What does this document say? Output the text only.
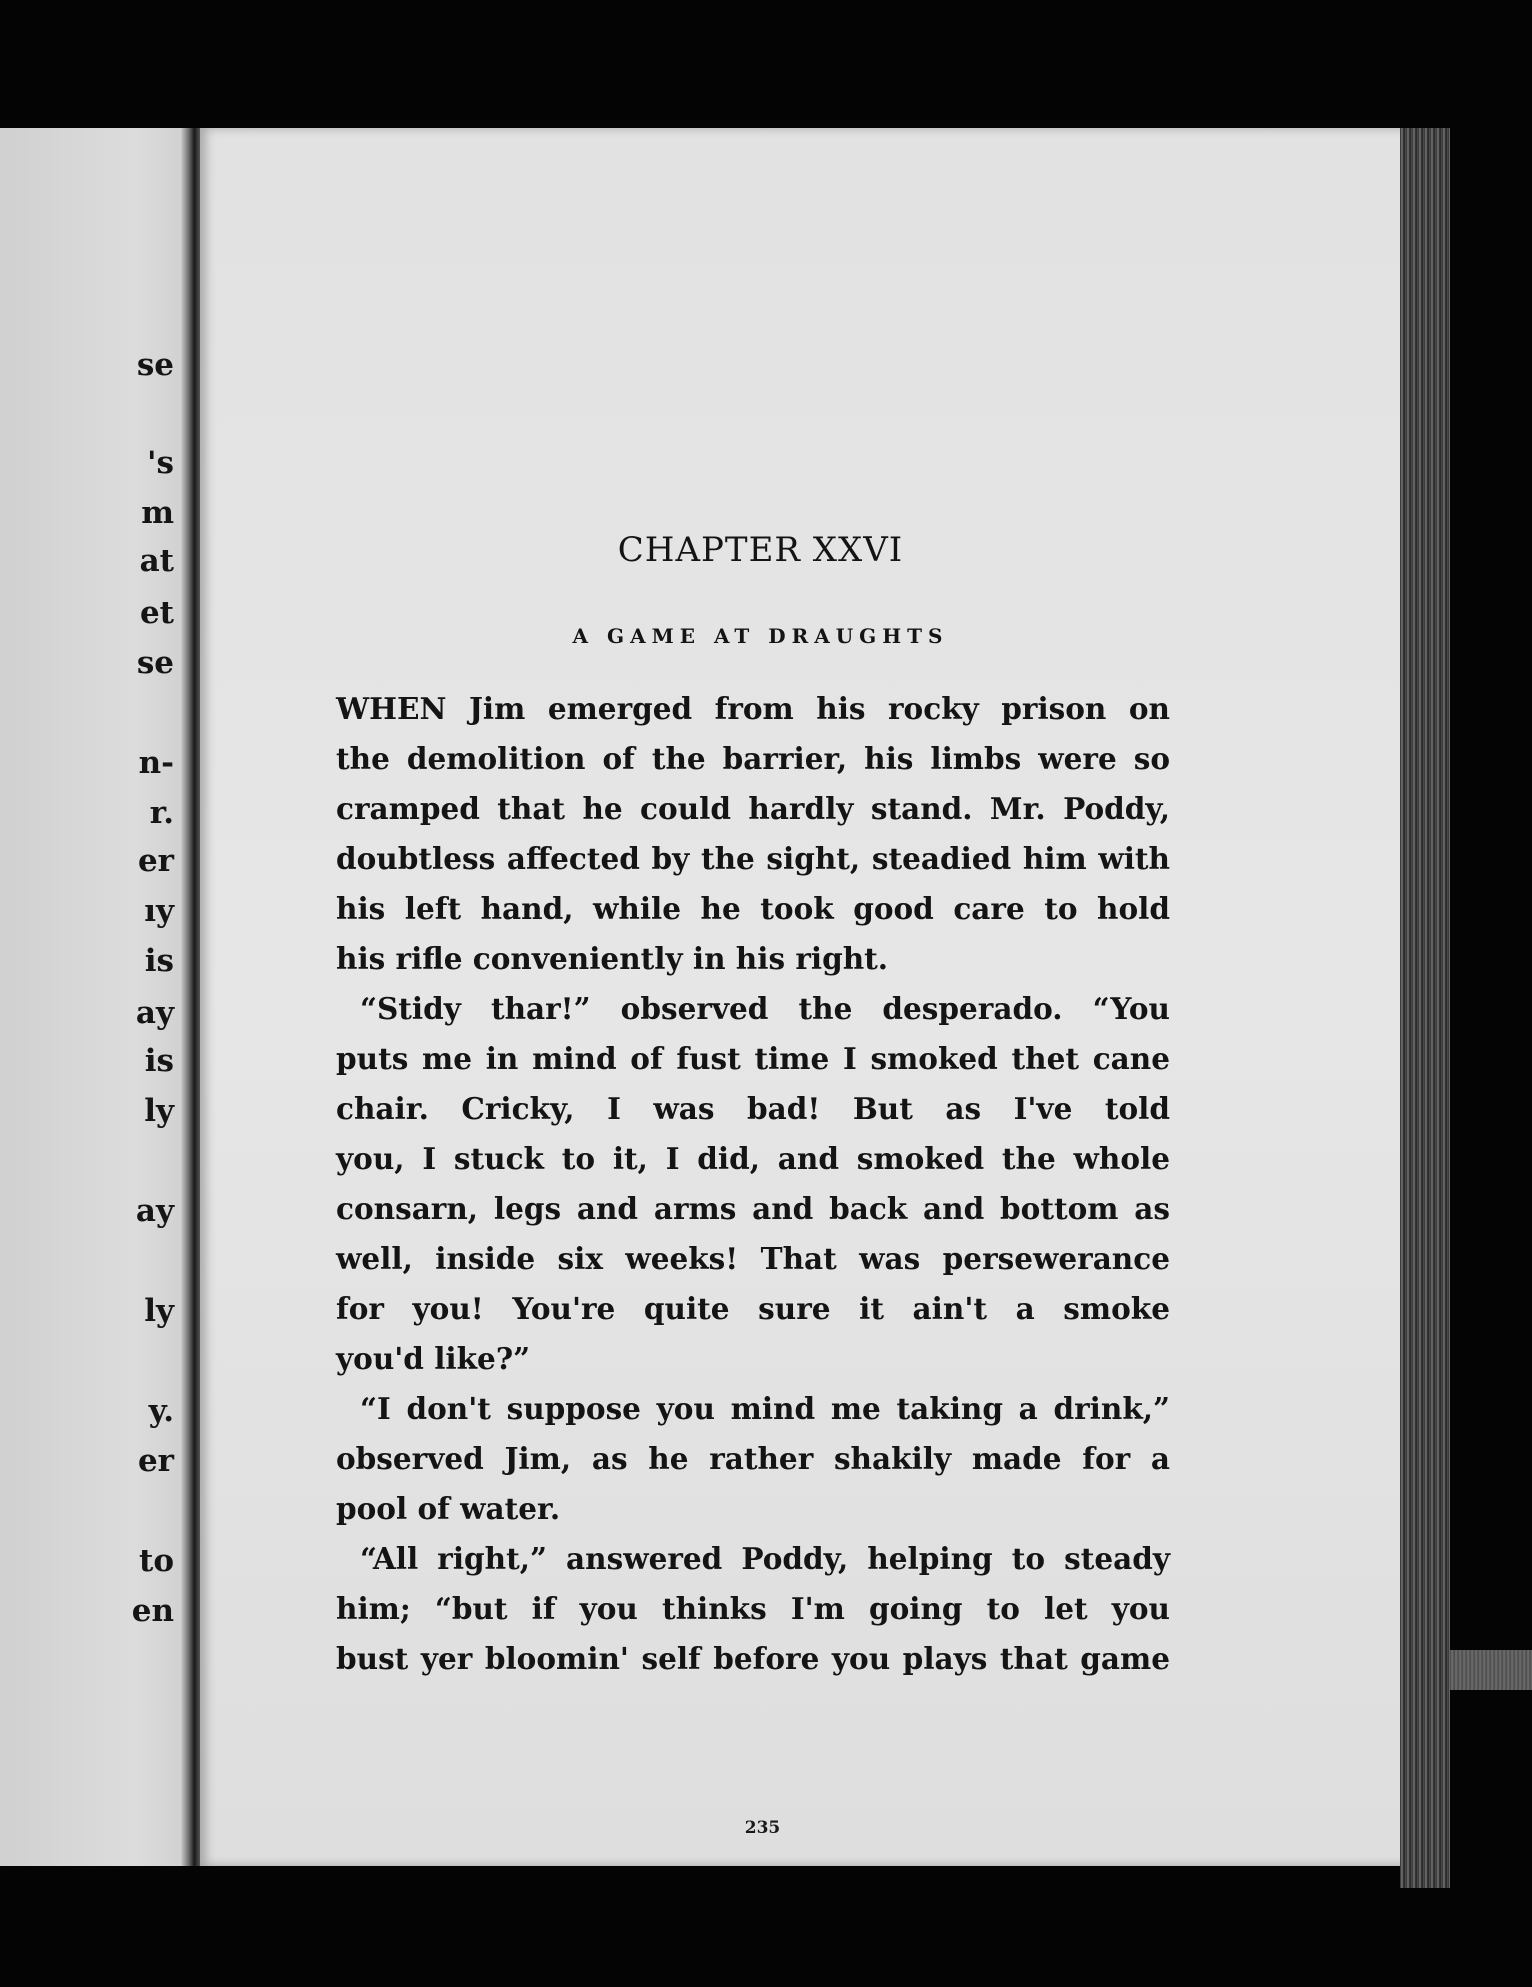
se
's
m
at
et
se
n-
r.
er
ıy
is
ay
is
ly
ay
ly
y.
er
to
en
CHAPTER XXVI
A GAME AT DRAUGHTS
WHEN Jim emerged from his rocky prison on
the demolition of the barrier, his limbs were so
cramped that he could hardly stand. Mr. Poddy,
doubtless affected by the sight, steadied him with
his left hand, while he took good care to hold
his rifle conveniently in his right.
“Stidy thar!” observed the desperado. “You
puts me in mind of fust time I smoked thet cane
chair. Cricky, I was bad! But as I've told
you, I stuck to it, I did, and smoked the whole
consarn, legs and arms and back and bottom as
well, inside six weeks! That was persewerance
for you! You're quite sure it ain't a smoke
you'd like?”
“I don't suppose you mind me taking a drink,”
observed Jim, as he rather shakily made for a
pool of water.
“All right,” answered Poddy, helping to steady
him; “but if you thinks I'm going to let you
bust yer bloomin' self before you plays that game
235
